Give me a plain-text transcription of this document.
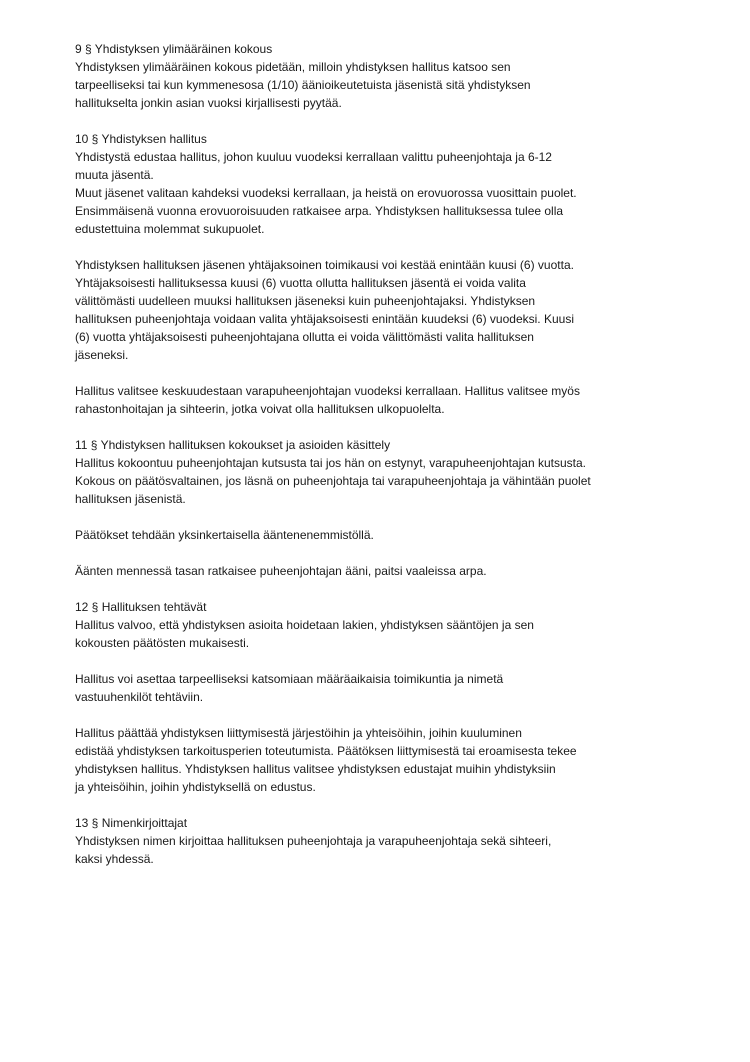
9 § Yhdistyksen ylimääräinen kokous
Yhdistyksen ylimääräinen kokous pidetään, milloin yhdistyksen hallitus katsoo sen
tarpeelliseksi tai kun kymmenesosa (1/10) äänioikeutetuista jäsenistä sitä yhdistyksen
hallitukselta jonkin asian vuoksi kirjallisesti pyytää.
10 § Yhdistyksen hallitus
Yhdistystä edustaa hallitus, johon kuuluu vuodeksi kerrallaan valittu puheenjohtaja ja 6-12
muuta jäsentä.
Muut jäsenet valitaan kahdeksi vuodeksi kerrallaan, ja heistä on erovuorossa vuosittain puolet.
Ensimmäisenä vuonna erovuoroisuuden ratkaisee arpa. Yhdistyksen hallituksessa tulee olla
edustettuina molemmat sukupuolet.
Yhdistyksen hallituksen jäsenen yhtäjaksoinen toimikausi voi kestää enintään kuusi (6) vuotta.
Yhtäjaksoisesti hallituksessa kuusi (6) vuotta ollutta hallituksen jäsentä ei voida valita
välittömästi uudelleen muuksi hallituksen jäseneksi kuin puheenjohtajaksi. Yhdistyksen
hallituksen puheenjohtaja voidaan valita yhtäjaksoisesti enintään kuudeksi (6) vuodeksi. Kuusi
(6) vuotta yhtäjaksoisesti puheenjohtajana ollutta ei voida välittömästi valita hallituksen
jäseneksi.
Hallitus valitsee keskuudestaan varapuheenjohtajan vuodeksi kerrallaan. Hallitus valitsee myös
rahastonhoitajan ja sihteerin, jotka voivat olla hallituksen ulkopuolelta.
11 § Yhdistyksen hallituksen kokoukset ja asioiden käsittely
Hallitus kokoontuu puheenjohtajan kutsusta tai jos hän on estynyt, varapuheenjohtajan kutsusta.
Kokous on päätösvaltainen, jos läsnä on puheenjohtaja tai varapuheenjohtaja ja vähintään puolet
hallituksen jäsenistä.
Päätökset tehdään yksinkertaisella ääntenenemmistöllä.
Äänten mennessä tasan ratkaisee puheenjohtajan ääni, paitsi vaaleissa arpa.
12 § Hallituksen tehtävät
Hallitus valvoo, että yhdistyksen asioita hoidetaan lakien, yhdistyksen sääntöjen ja sen
kokousten päätösten mukaisesti.
Hallitus voi asettaa tarpeelliseksi katsomiaan määräaikaisia toimikuntia ja nimetä
vastuuhenkilöt tehtäviin.
Hallitus päättää yhdistyksen liittymisestä järjestöihin ja yhteisöihin, joihin kuuluminen
edistää yhdistyksen tarkoitusperien toteutumista. Päätöksen liittymisestä tai eroamisesta tekee
yhdistyksen hallitus. Yhdistyksen hallitus valitsee yhdistyksen edustajat muihin yhdistyksiin
ja yhteisöihin, joihin yhdistyksellä on edustus.
13 § Nimenkirjoittajat
Yhdistyksen nimen kirjoittaa hallituksen puheenjohtaja ja varapuheenjohtaja sekä sihteeri,
kaksi yhdessä.
